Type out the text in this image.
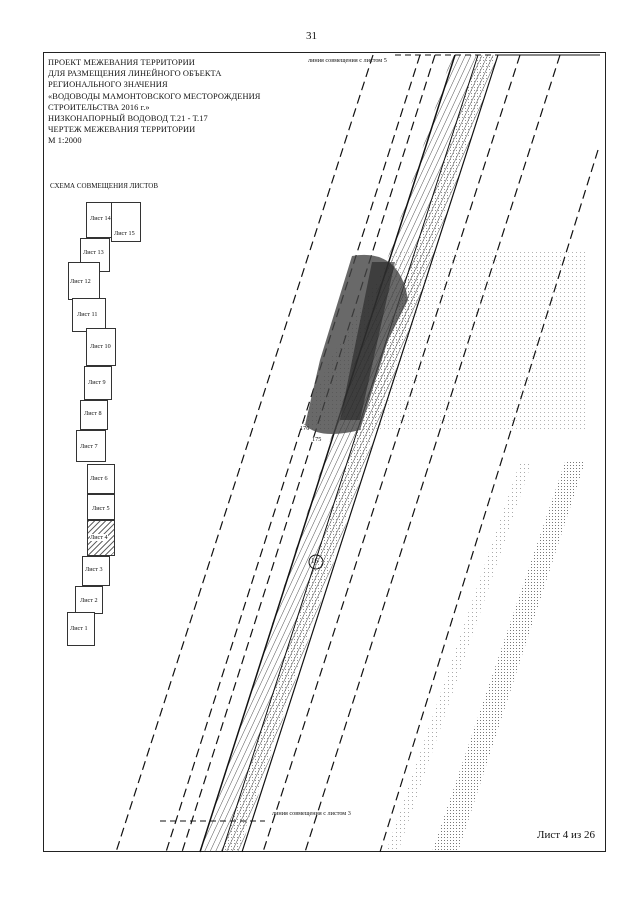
31
ПРОЕКТ МЕЖЕВАНИЯ ТЕРРИТОРИИ
ДЛЯ РАЗМЕЩЕНИЯ ЛИНЕЙНОГО ОБЪЕКТА
РЕГИОНАЛЬНОГО ЗНАЧЕНИЯ
«ВОДОВОДЫ МАМОНТОВСКОГО МЕСТОРОЖДЕНИЯ
СТРОИТЕЛЬСТВА 2016 г.»
НИЗКОНАПОРНЫЙ ВОДОВОД Т.21 - Т.17
ЧЕРТЕЖ МЕЖЕВАНИЯ ТЕРРИТОРИИ
М 1:2000
СХЕМА СОВМЕЩЕНИЯ ЛИСТОВ
Лист 14
Лист 15
Лист 13
Лист 12
Лист 11
Лист 10
Лист 9
Лист 8
Лист 7
Лист 6
Лист 5
Лист 4
Лист 3
Лист 2
Лист 1
линия совмещения с листом 5
линия совмещения с листом 3
176
175
16
Лист 4 из 26
